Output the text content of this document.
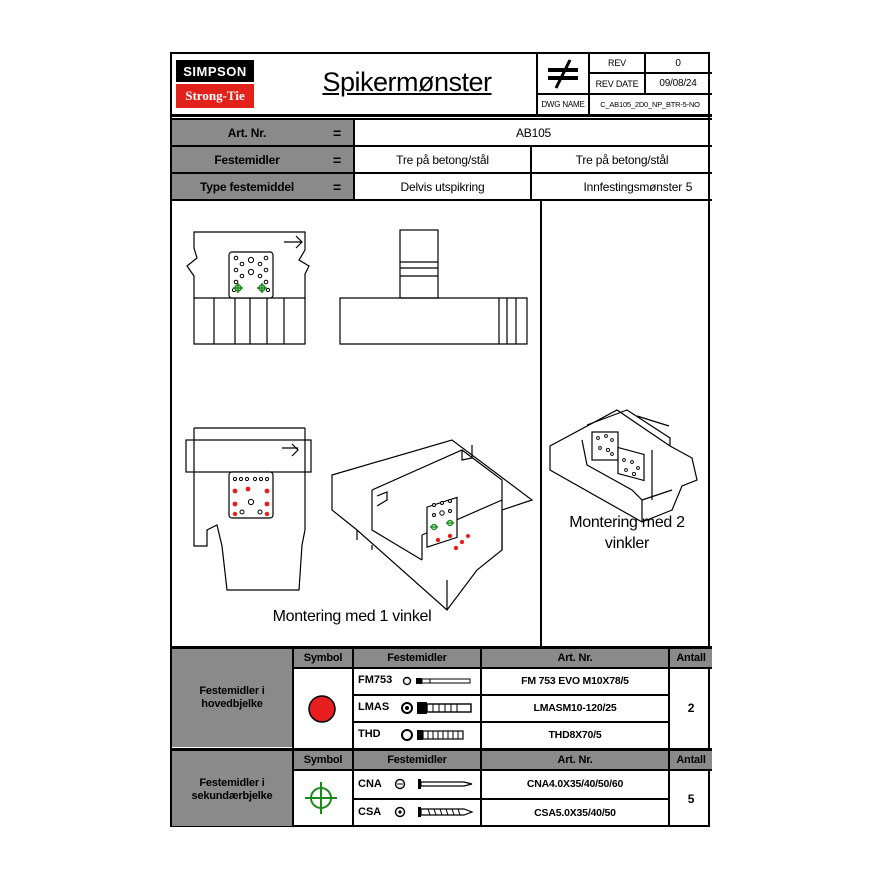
SIMPSON
Strong-Tie	Spikermønster
REV	0
REV DATE	09/08/24
DWG NAME	C_AB105_2D0_NP_BTR-5-NO
Art. Nr.	=	AB105
Festemidler	=	Tre på betong/stål	Tre på betong/stål
Type festemiddel	=	Delvis utspikring	Innfestingsmønster 5
Montering med 1 vinkel
Montering med 2
vinkler
Festemidler i
hovedbjelke
Symbol	Festemidler	Art. Nr.	Antall
2
FM753	FM 753 EVO M10X78/5
LMAS	LMASM10-120/25
THD	THD8X70/5
Festemidler i
sekundærbjelke
Symbol	Festemidler	Art. Nr.	Antall
5
CNA	CNA4.0X35/40/50/60
CSA	CSA5.0X35/40/50
